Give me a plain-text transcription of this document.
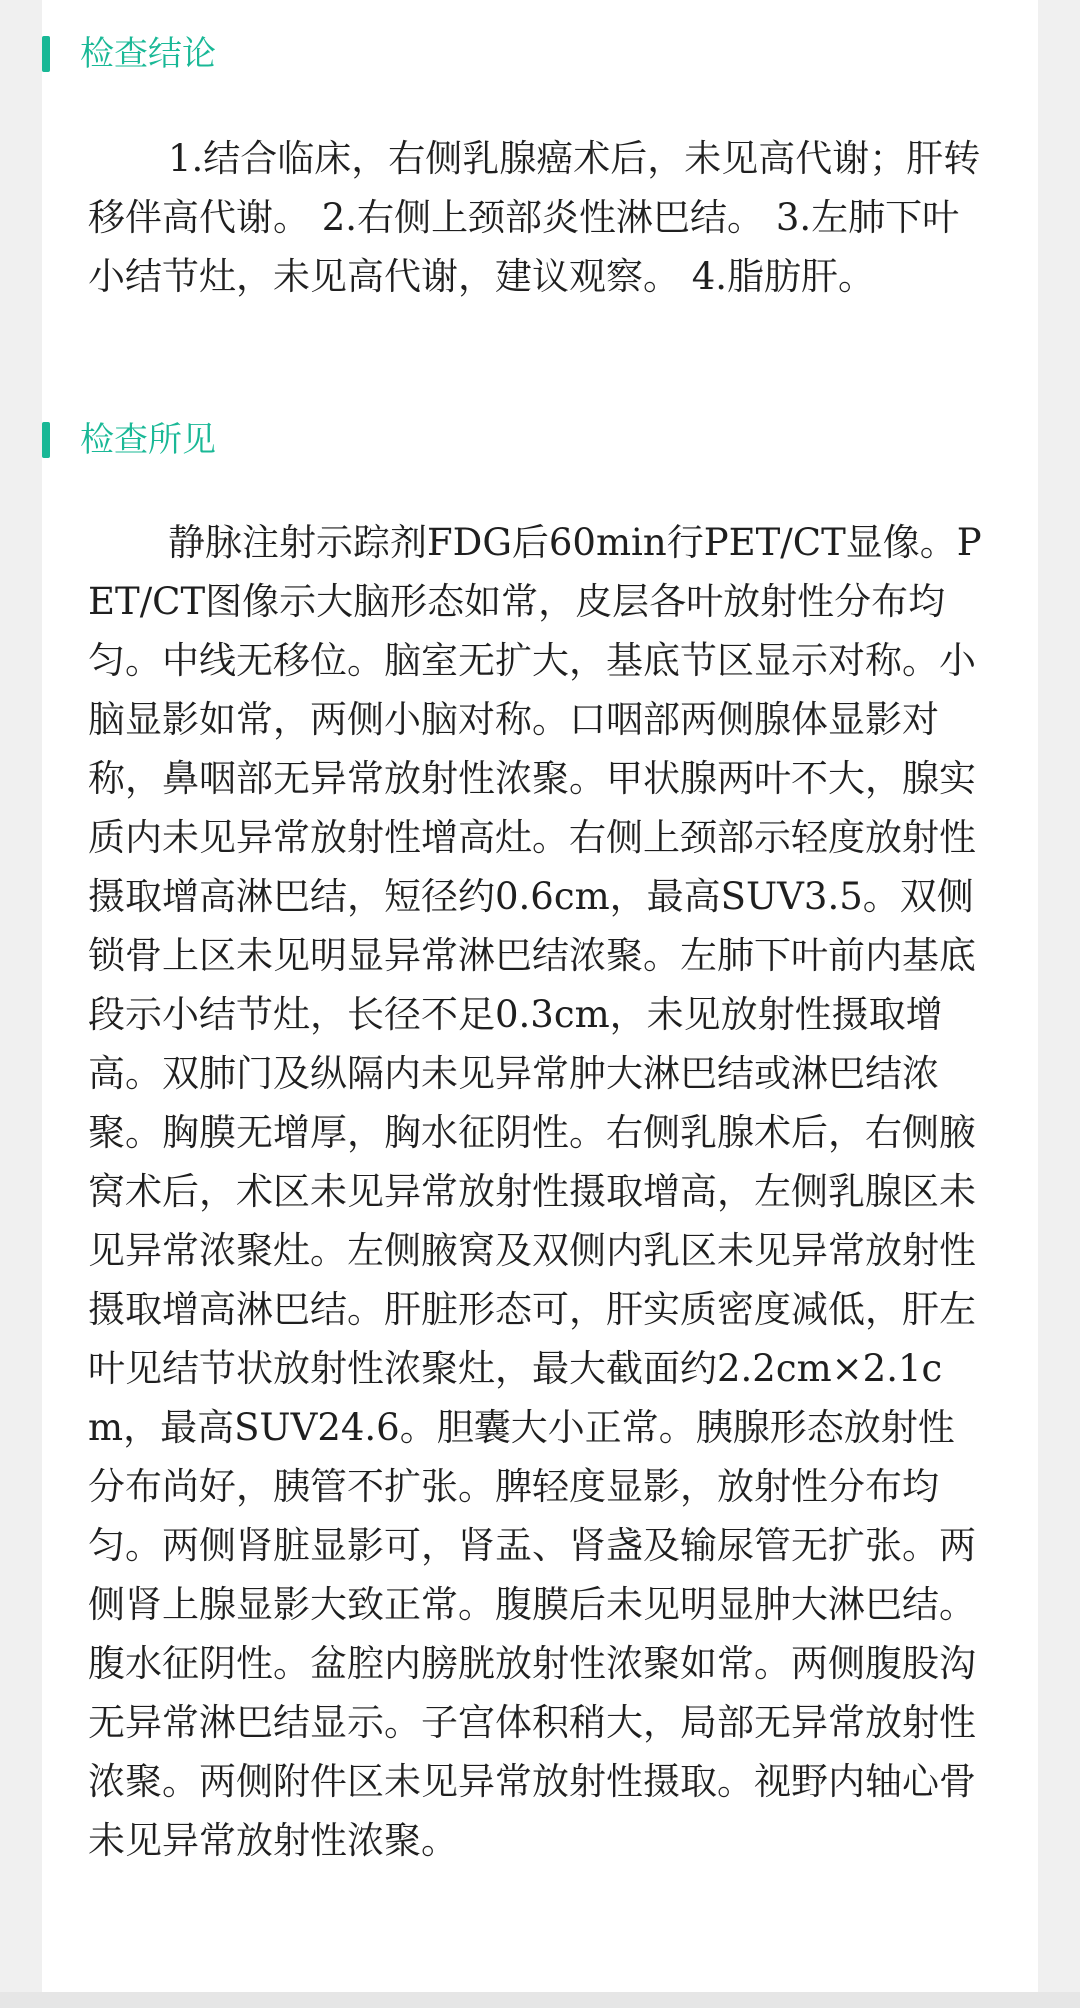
检查结论

1.结合临床，右侧乳腺癌术后，未见高代谢；肝转移伴高代谢。 2.右侧上颈部炎性淋巴结。 3.左肺下叶小结节灶，未见高代谢，建议观察。 4.脂肪肝。

检查所见

静脉注射示踪剂FDG后60min行PET/CT显像。PET/CT图像示大脑形态如常，皮层各叶放射性分布均匀。中线无移位。脑室无扩大，基底节区显示对称。小脑显影如常，两侧小脑对称。口咽部两侧腺体显影对称，鼻咽部无异常放射性浓聚。甲状腺两叶不大，腺实质内未见异常放射性增高灶。右侧上颈部示轻度放射性摄取增高淋巴结，短径约0.6cm，最高SUV3.5。双侧锁骨上区未见明显异常淋巴结浓聚。左肺下叶前内基底段示小结节灶，长径不足0.3cm，未见放射性摄取增高。双肺门及纵隔内未见异常肿大淋巴结或淋巴结浓聚。胸膜无增厚，胸水征阴性。右侧乳腺术后，右侧腋窝术后，术区未见异常放射性摄取增高，左侧乳腺区未见异常浓聚灶。左侧腋窝及双侧内乳区未见异常放射性摄取增高淋巴结。肝脏形态可，肝实质密度减低，肝左叶见结节状放射性浓聚灶，最大截面约2.2cm×2.1cm，最高SUV24.6。胆囊大小正常。胰腺形态放射性分布尚好，胰管不扩张。脾轻度显影，放射性分布均匀。两侧肾脏显影可，肾盂、肾盏及输尿管无扩张。两侧肾上腺显影大致正常。腹膜后未见明显肿大淋巴结。腹水征阴性。盆腔内膀胱放射性浓聚如常。两侧腹股沟无异常淋巴结显示。子宫体积稍大，局部无异常放射性浓聚。两侧附件区未见异常放射性摄取。视野内轴心骨未见异常放射性浓聚。
